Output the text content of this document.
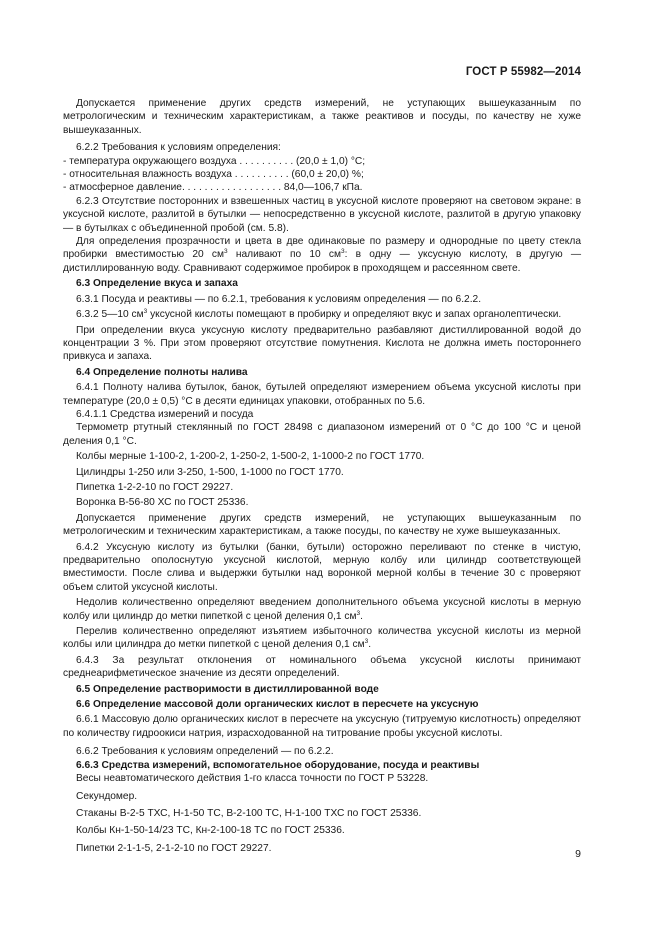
ГОСТ Р 55982—2014

Допускается применение других средств измерений, не уступающих вышеуказанным по метрологическим и техническим характеристикам, а также реактивов и посуды, по качеству не хуже вышеуказанных.

6.2.2 Требования к условиям определения:

- температура окружающего воздуха . . . . . . . . . . (20,0 ± 1,0) °С;

- относительная влажность воздуха . . . . . . . . . . (60,0 ± 20,0) %;

- атмосферное давление. . . . . . . . . . . . . . . . . . 84,0—106,7 кПа.

6.2.3 Отсутствие посторонних и взвешенных частиц в уксусной кислоте проверяют на световом экране: в уксусной кислоте, разлитой в бутылки — непосредственно в уксусной кислоте, разлитой в другую упаковку — в бутылках с объединенной пробой (см. 5.8).

Для определения прозрачности и цвета в две одинаковые по размеру и однородные по цвету стекла пробирки вместимостью 20 $см^3$ наливают по 10 $см^3$: в одну — уксусную кислоту, в другую — дистиллированную воду. Сравнивают содержимое пробирок в проходящем и рассеянном свете.

6.3 Определение вкуса и запаха

6.3.1 Посуда и реактивы — по 6.2.1, требования к условиям определения — по 6.2.2.

6.3.2 5—10 $см^3$ уксусной кислоты помещают в пробирку и определяют вкус и запах органолептически.

При определении вкуса уксусную кислоту предварительно разбавляют дистиллированной водой до концентрации 3 %. При этом проверяют отсутствие помутнения. Кислота не должна иметь постороннего привкуса и запаха.

6.4 Определение полноты налива

6.4.1 Полноту налива бутылок, банок, бутылей определяют измерением объема уксусной кислоты при температуре (20,0 ± 0,5) °С в десяти единицах упаковки, отобранных по 5.6.

6.4.1.1 Средства измерений и посуда

Термометр ртутный стеклянный по ГОСТ 28498 с диапазоном измерений от 0 °С до 100 °С и ценой деления 0,1 °С.

Колбы мерные 1-100-2, 1-200-2, 1-250-2, 1-500-2, 1-1000-2 по ГОСТ 1770.

Цилиндры 1-250 или 3-250, 1-500, 1-1000 по ГОСТ 1770.

Пипетка 1-2-2-10 по ГОСТ 29227.

Воронка В-56-80 ХС по ГОСТ 25336.

Допускается применение других средств измерений, не уступающих вышеуказанным по метрологическим и техническим характеристикам, а также посуды, по качеству не хуже вышеуказанных.

6.4.2 Уксусную кислоту из бутылки (банки, бутыли) осторожно переливают по стенке в чистую, предварительно ополоснутую уксусной кислотой, мерную колбу или цилиндр соответствующей вместимости. После слива и выдержки бутылки над воронкой мерной колбы в течение 30 с проверяют объем слитой уксусной кислоты.

Недолив количественно определяют введением дополнительного объема уксусной кислоты в мерную колбу или цилиндр до метки пипеткой с ценой деления 0,1 $см^3$.

Перелив количественно определяют изъятием избыточного количества уксусной кислоты из мерной колбы или цилиндра до метки пипеткой с ценой деления 0,1 $см^3$.

6.4.3 За результат отклонения от номинального объема уксусной кислоты принимают среднеарифметическое значение из десяти определений.

6.5 Определение растворимости в дистиллированной воде

6.6 Определение массовой доли органических кислот в пересчете на уксусную

6.6.1 Массовую долю органических кислот в пересчете на уксусную (титруемую кислотность) определяют по количеству гидроокиси натрия, израсходованной на титрование пробы уксусной кислоты.

6.6.2 Требования к условиям определений — по 6.2.2.

6.6.3 Средства измерений, вспомогательное оборудование, посуда и реактивы

Весы неавтоматического действия 1-го класса точности по ГОСТ Р 53228.

Секундомер.

Стаканы В-2-5 ТХС, Н-1-50 ТС, В-2-100 ТС, Н-1-100 ТХС по ГОСТ 25336.

Колбы Кн-1-50-14/23 ТС, Кн-2-100-18 ТС по ГОСТ 25336.

Пипетки 2-1-1-5, 2-1-2-10 по ГОСТ 29227.	9
